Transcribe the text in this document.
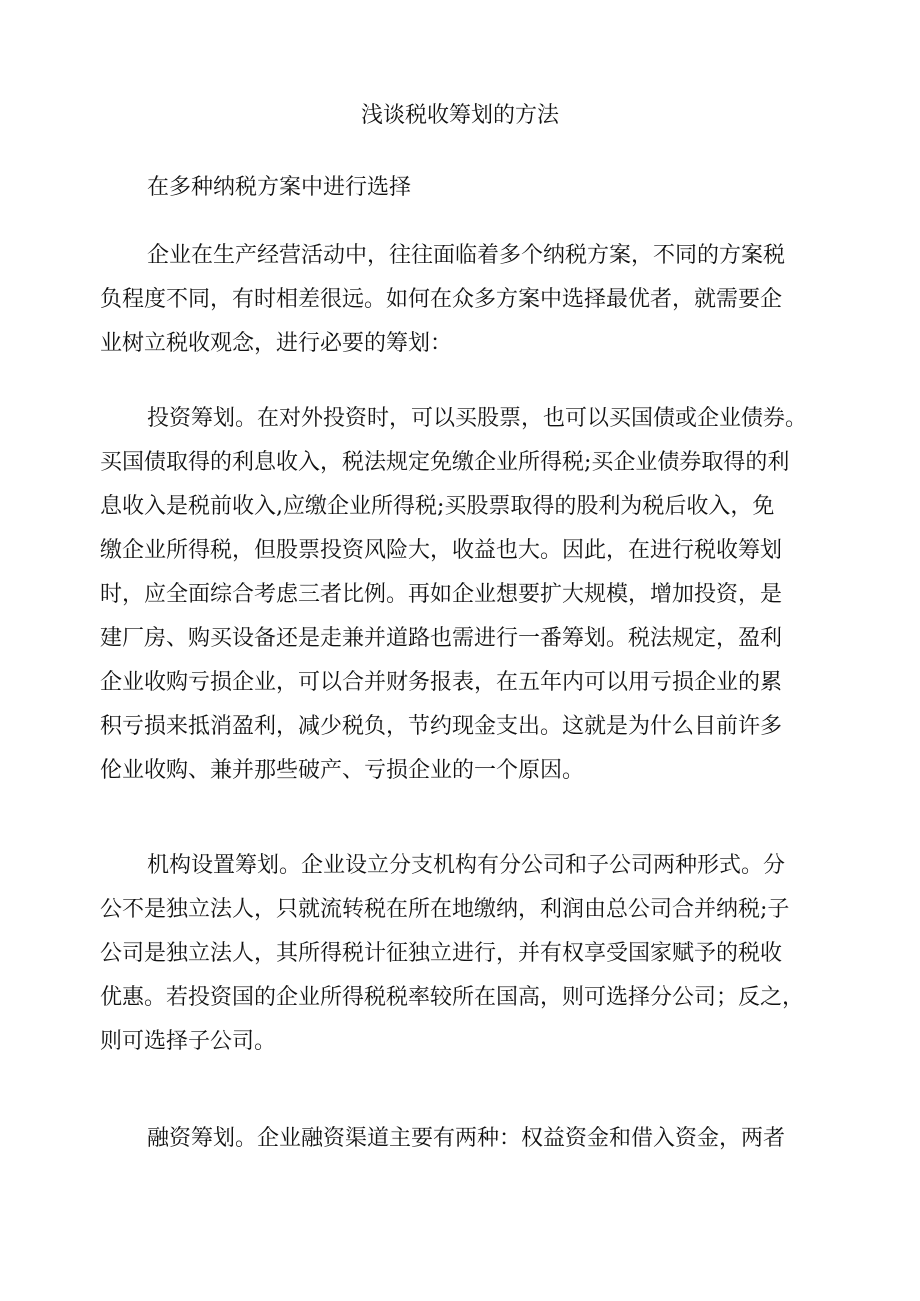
浅谈税收筹划的方法
在多种纳税方案中进行选择
企业在生产经营活动中，往往面临着多个纳税方案，不同的方案税
负程度不同，有时相差很远。如何在众多方案中选择最优者，就需要企
业树立税收观念，进行必要的筹划：
投资筹划。在对外投资时，可以买股票，也可以买国债或企业债券。
买国债取得的利息收入，税法规定免缴企业所得税;买企业债券取得的利
息收入是税前收入,应缴企业所得税;买股票取得的股利为税后收入，免
缴企业所得税，但股票投资风险大，收益也大。因此，在进行税收筹划
时，应全面综合考虑三者比例。再如企业想要扩大规模，增加投资，是
建厂房、购买设备还是走兼并道路也需进行一番筹划。税法规定，盈利
企业收购亏损企业，可以合并财务报表，在五年内可以用亏损企业的累
积亏损来抵消盈利，减少税负，节约现金支出。这就是为什么目前许多
伦业收购、兼并那些破产、亏损企业的一个原因。
机构设置筹划。企业设立分支机构有分公司和子公司两种形式。分
公不是独立法人，只就流转税在所在地缴纳，利润由总公司合并纳税;子
公司是独立法人，其所得税计征独立进行，并有权享受国家赋予的税收
优惠。若投资国的企业所得税税率较所在国高，则可选择分公司；反之，
则可选择子公司。
融资筹划。企业融资渠道主要有两种：权益资金和借入资金，两者
